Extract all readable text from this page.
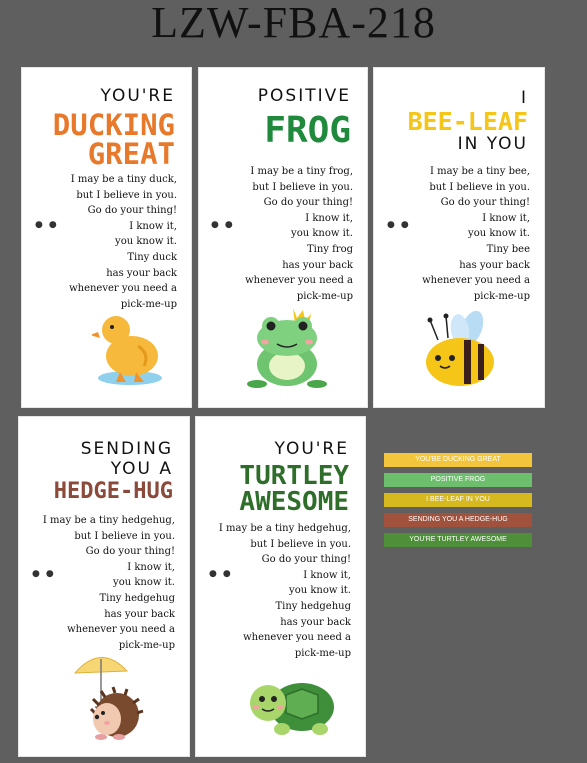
LZW-FBA-218
●●
YOU'RE
DUCKING
GREAT
I may be a tiny duck,
but I believe in you.
Go do your thing!
I know it,
you know it.
Tiny duck
has your back
whenever you need a
pick-me-up
●●
POSITIVE
FROG
I may be a tiny frog,
but I believe in you.
Go do your thing!
I know it,
you know it.
Tiny frog
has your back
whenever you need a
pick-me-up
●●
I
BEE-LEAF
IN YOU
I may be a tiny bee,
but I believe in you.
Go do your thing!
I know it,
you know it.
Tiny bee
has your back
whenever you need a
pick-me-up
●●
SENDING
YOU A
HEDGE-HUG
I may be a tiny hedgehug,
but I believe in you.
Go do your thing!
I know it,
you know it.
Tiny hedgehug
has your back
whenever you need a
pick-me-up
●●
YOU'RE
TURTLEY
AWESOME
I may be a tiny hedgehug,
but I believe in you.
Go do your thing!
I know it,
you know it.
Tiny hedgehug
has your back
whenever you need a
pick-me-up
YOU'BE DUCKING GREAT
POSITIVE FROG
I BEE-LEAF IN YOU
SENDING YOU A HEDGE-HUG
YOU'RE TURTLEY AWESOME
